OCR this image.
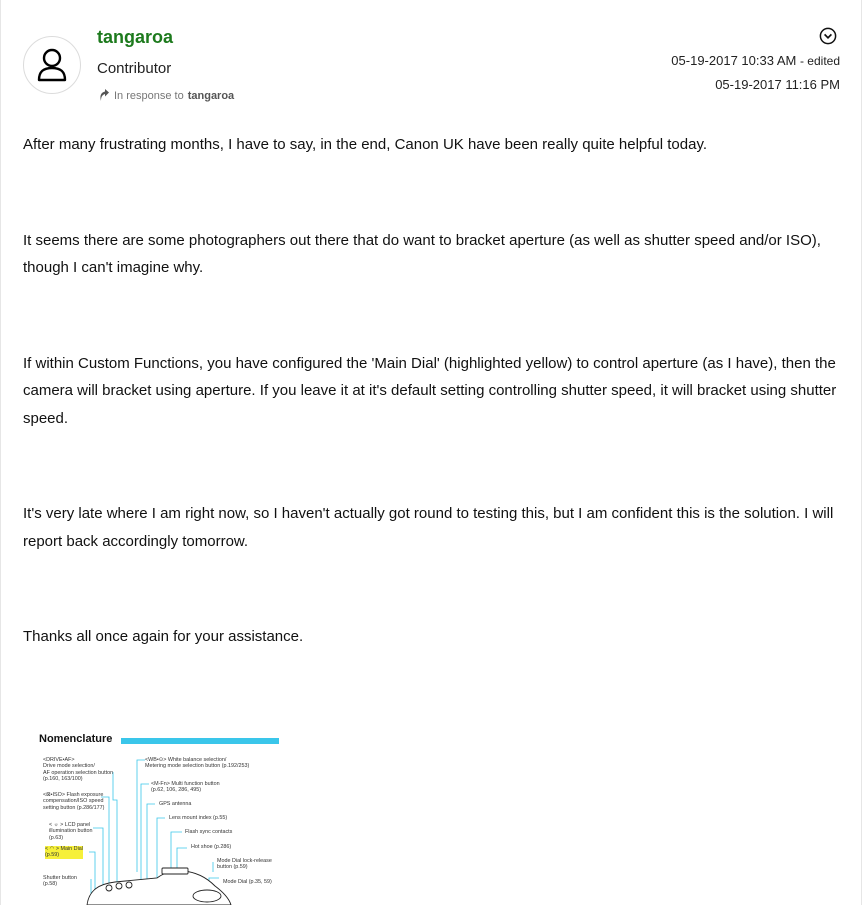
tangaroa
Contributor
In response to tangaroa
05-19-2017 10:33 AM - edited
05-19-2017 11:16 PM

After many frustrating months, I have to say, in the end, Canon UK have been really quite helpful today.

It seems there are some photographers out there that do want to bracket aperture (as well as shutter speed and/or ISO), though I can't imagine why.

If within Custom Functions, you have configured the 'Main Dial' (highlighted yellow) to control aperture (as I have), then the camera will bracket using aperture. If you leave it at it's default setting controlling shutter speed, it will bracket using shutter speed.

It's very late where I am right now, so I haven't actually got round to testing this, but I am confident this is the solution. I will report back accordingly tomorrow.

Thanks all once again for your assistance.

Nomenclature
<DRIVE•AF>
Drive mode selection/
AF operation selection button
(p.160, 163/100)
<⊠•ISO> Flash exposure
compensation/ISO speed
setting button (p.286/177)
< ☼ > LCD panel
illumination button
(p.63)
< ◠ > Main Dial
(p.59)
Shutter button
(p.58)
<WB•⊙> White balance selection/
Metering mode selection button (p.192/253)
<M-Fn> Multi function button
(p.62, 106, 286, 495)
GPS antenna
Lens mount index (p.55)
Flash sync contacts
Hot shoe (p.286)
Mode Dial lock-release
button (p.59)
Mode Dial (p.35, 59)
